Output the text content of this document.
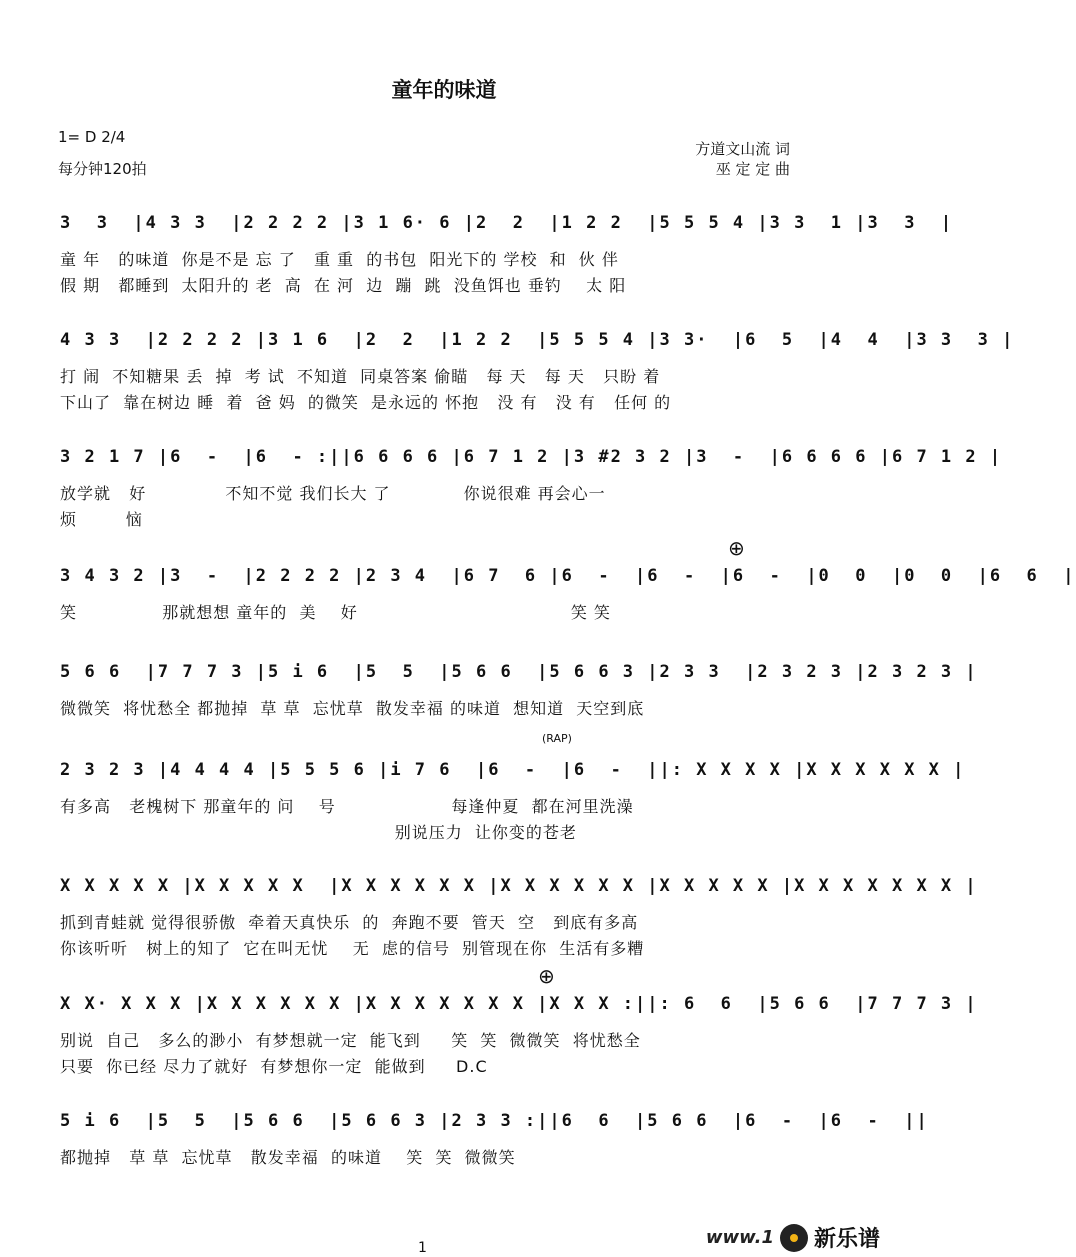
童年的味道
1= D 2/4
每分钟120拍
方道文山流 词
巫 定 定 曲
3  3  |4 3 3  |2 2 2 2 |3 1 6· 6 |2  2  |1 2 2  |5 5 5 4 |3 3  1 |3  3  |
童 年   的味道  你是不是 忘 了   重 重  的书包  阳光下的 学校  和  伙 伴
假 期   都睡到  太阳升的 老  高  在 河  边  蹦  跳  没鱼饵也 垂钓    太 阳
4 3 3  |2 2 2 2 |3 1 6  |2  2  |1 2 2  |5 5 5 4 |3 3·  |6  5  |4  4  |3 3  3 |
打 闹  不知糖果 丢  掉  考 试  不知道  同桌答案 偷瞄   每 天   每 天   只盼 着
下山了  靠在树边 睡  着  爸 妈  的微笑  是永远的 怀抱   没 有   没 有   任何 的
3 2 1 7 |6  -  |6  - :||6 6 6 6 |6 7 1 2 |3 #2 3 2 |3  -  |6 6 6 6 |6 7 1 2 |
放学就   好             不知不觉 我们长大 了            你说很难 再会心一
烦        恼
⊕
3 4 3 2 |3  -  |2 2 2 2 |2 3 4  |6 7  6 |6  -  |6  -  |6  -  |0  0  |0  0  |6  6  |
笑              那就想想 童年的  美    好                                   笑 笑
5 6 6  |7 7 7 3 |5 i 6  |5  5  |5 6 6  |5 6 6 3 |2 3 3  |2 3 2 3 |2 3 2 3 |
微微笑  将忧愁全 都抛掉  草 草  忘忧草  散发幸福 的味道  想知道  天空到底
(RAP)
2 3 2 3 |4 4 4 4 |5 5 5 6 |i 7 6  |6  -  |6  -  ||: X X X X |X X X X X X |
有多高   老槐树下 那童年的 问    号                   每逢仲夏  都在河里洗澡
别说压力  让你变的苍老
X X X X X |X X X X X  |X X X X X X |X X X X X X |X X X X X |X X X X X X X |
抓到青蛙就 觉得很骄傲  牵着天真快乐  的  奔跑不要  管天  空   到底有多高
你该听听   树上的知了  它在叫无忧    无  虑的信号  别管现在你  生活有多糟
⊕
X X· X X X |X X X X X X |X X X X X X X |X X X :||: 6  6  |5 6 6  |7 7 7 3 |
别说  自己   多么的渺小  有梦想就一定  能飞到     笑  笑  微微笑  将忧愁全
只要  你已经 尽力了就好  有梦想你一定  能做到     D.C
5 i 6  |5  5  |5 6 6  |5 6 6 3 |2 3 3 :||6  6  |5 6 6  |6  -  |6  -  ||
都抛掉   草 草  忘忧草   散发幸福  的味道    笑  笑  微微笑
1	www.1 新乐谱
